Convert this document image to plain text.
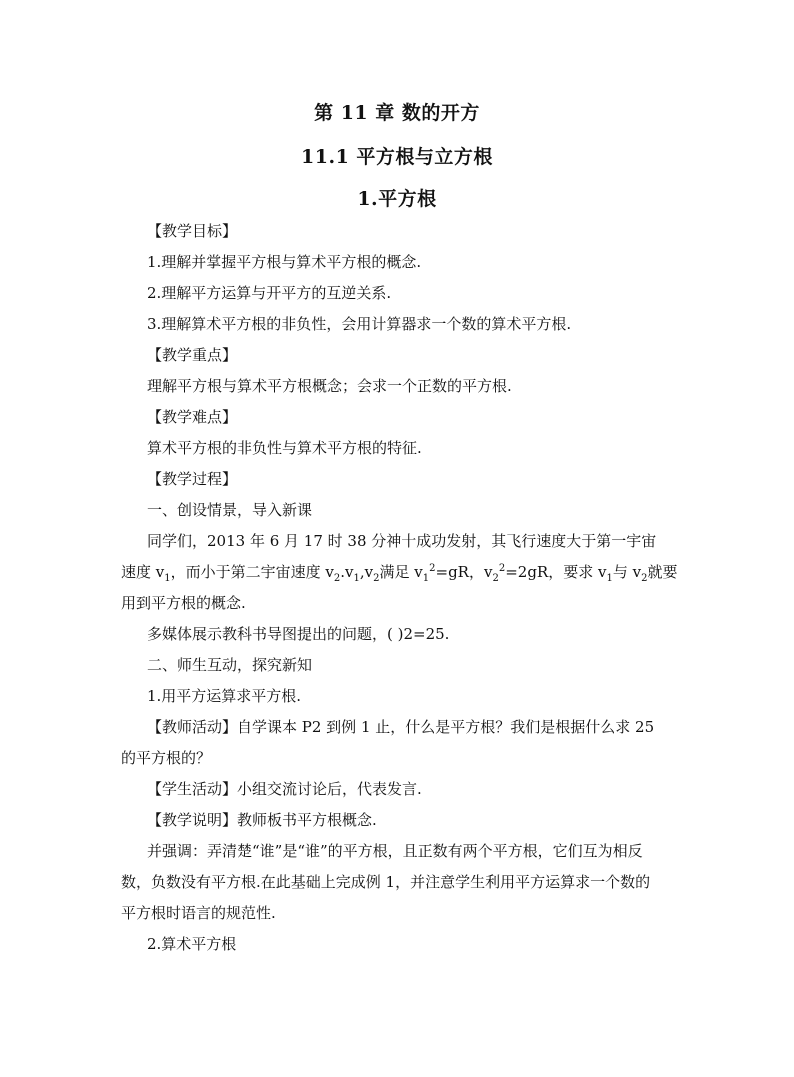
第 11 章 数的开方
11.1 平方根与立方根
1.平方根
【教学目标】
1.理解并掌握平方根与算术平方根的概念.
2.理解平方运算与开平方的互逆关系.
3.理解算术平方根的非负性，会用计算器求一个数的算术平方根.
【教学重点】
理解平方根与算术平方根概念；会求一个正数的平方根.
【教学难点】
算术平方根的非负性与算术平方根的特征.
【教学过程】
一、创设情景，导入新课
同学们，2013 年 6 月 17 时 38 分神十成功发射，其飞行速度大于第一宇宙
速度 $v_1$，而小于第二宇宙速度 $v_2.v_1,v_2$满足 $v_1^2=gR$，$v_2^2=2gR$，要求 $v_1$与 $v_2$就要
用到平方根的概念.
多媒体展示教科书导图提出的问题，( )2=25.
二、师生互动，探究新知
1.用平方运算求平方根.
【教师活动】自学课本 P2 到例 1 止，什么是平方根？我们是根据什么求 25
的平方根的？
【学生活动】小组交流讨论后，代表发言.
【教学说明】教师板书平方根概念.
并强调：弄清楚“谁”是“谁”的平方根，且正数有两个平方根，它们互为相反
数，负数没有平方根.在此基础上完成例 1，并注意学生利用平方运算求一个数的
平方根时语言的规范性.
2.算术平方根
